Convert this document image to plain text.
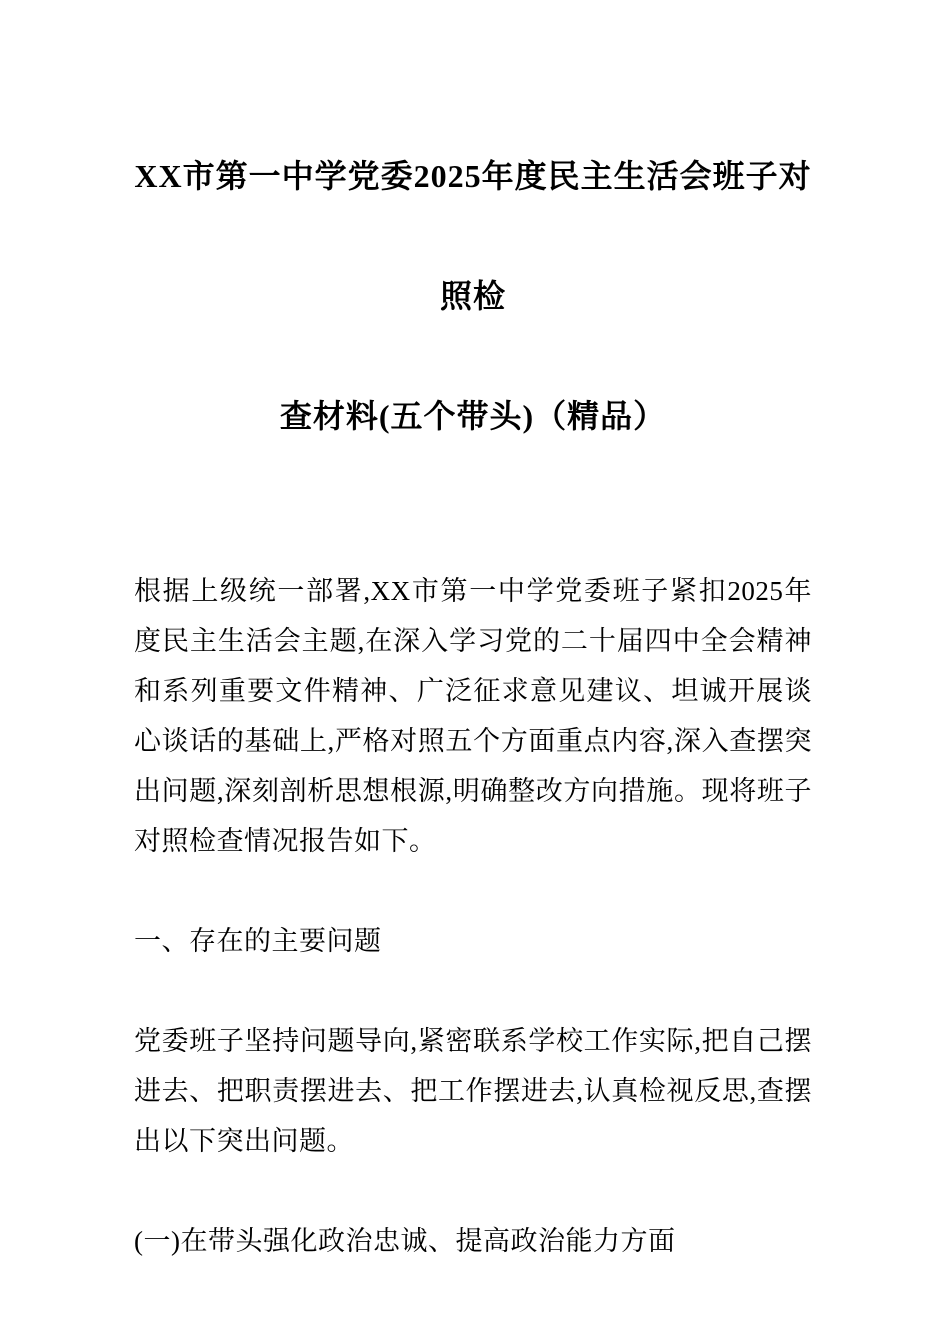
XX市第一中学党委2025年度民主生活会班子对照检
查材料(五个带头)（精品）

根据上级统一部署,XX市第一中学党委班子紧扣2025年度民主生活会主题,在深入学习党的二十届四中全会精神和系列重要文件精神、广泛征求意见建议、坦诚开展谈心谈话的基础上,严格对照五个方面重点内容,深入查摆突出问题,深刻剖析思想根源,明确整改方向措施。现将班子对照检查情况报告如下。

一、存在的主要问题

党委班子坚持问题导向,紧密联系学校工作实际,把自己摆进去、把职责摆进去、把工作摆进去,认真检视反思,查摆出以下突出问题。

(一)在带头强化政治忠诚、提高政治能力方面
